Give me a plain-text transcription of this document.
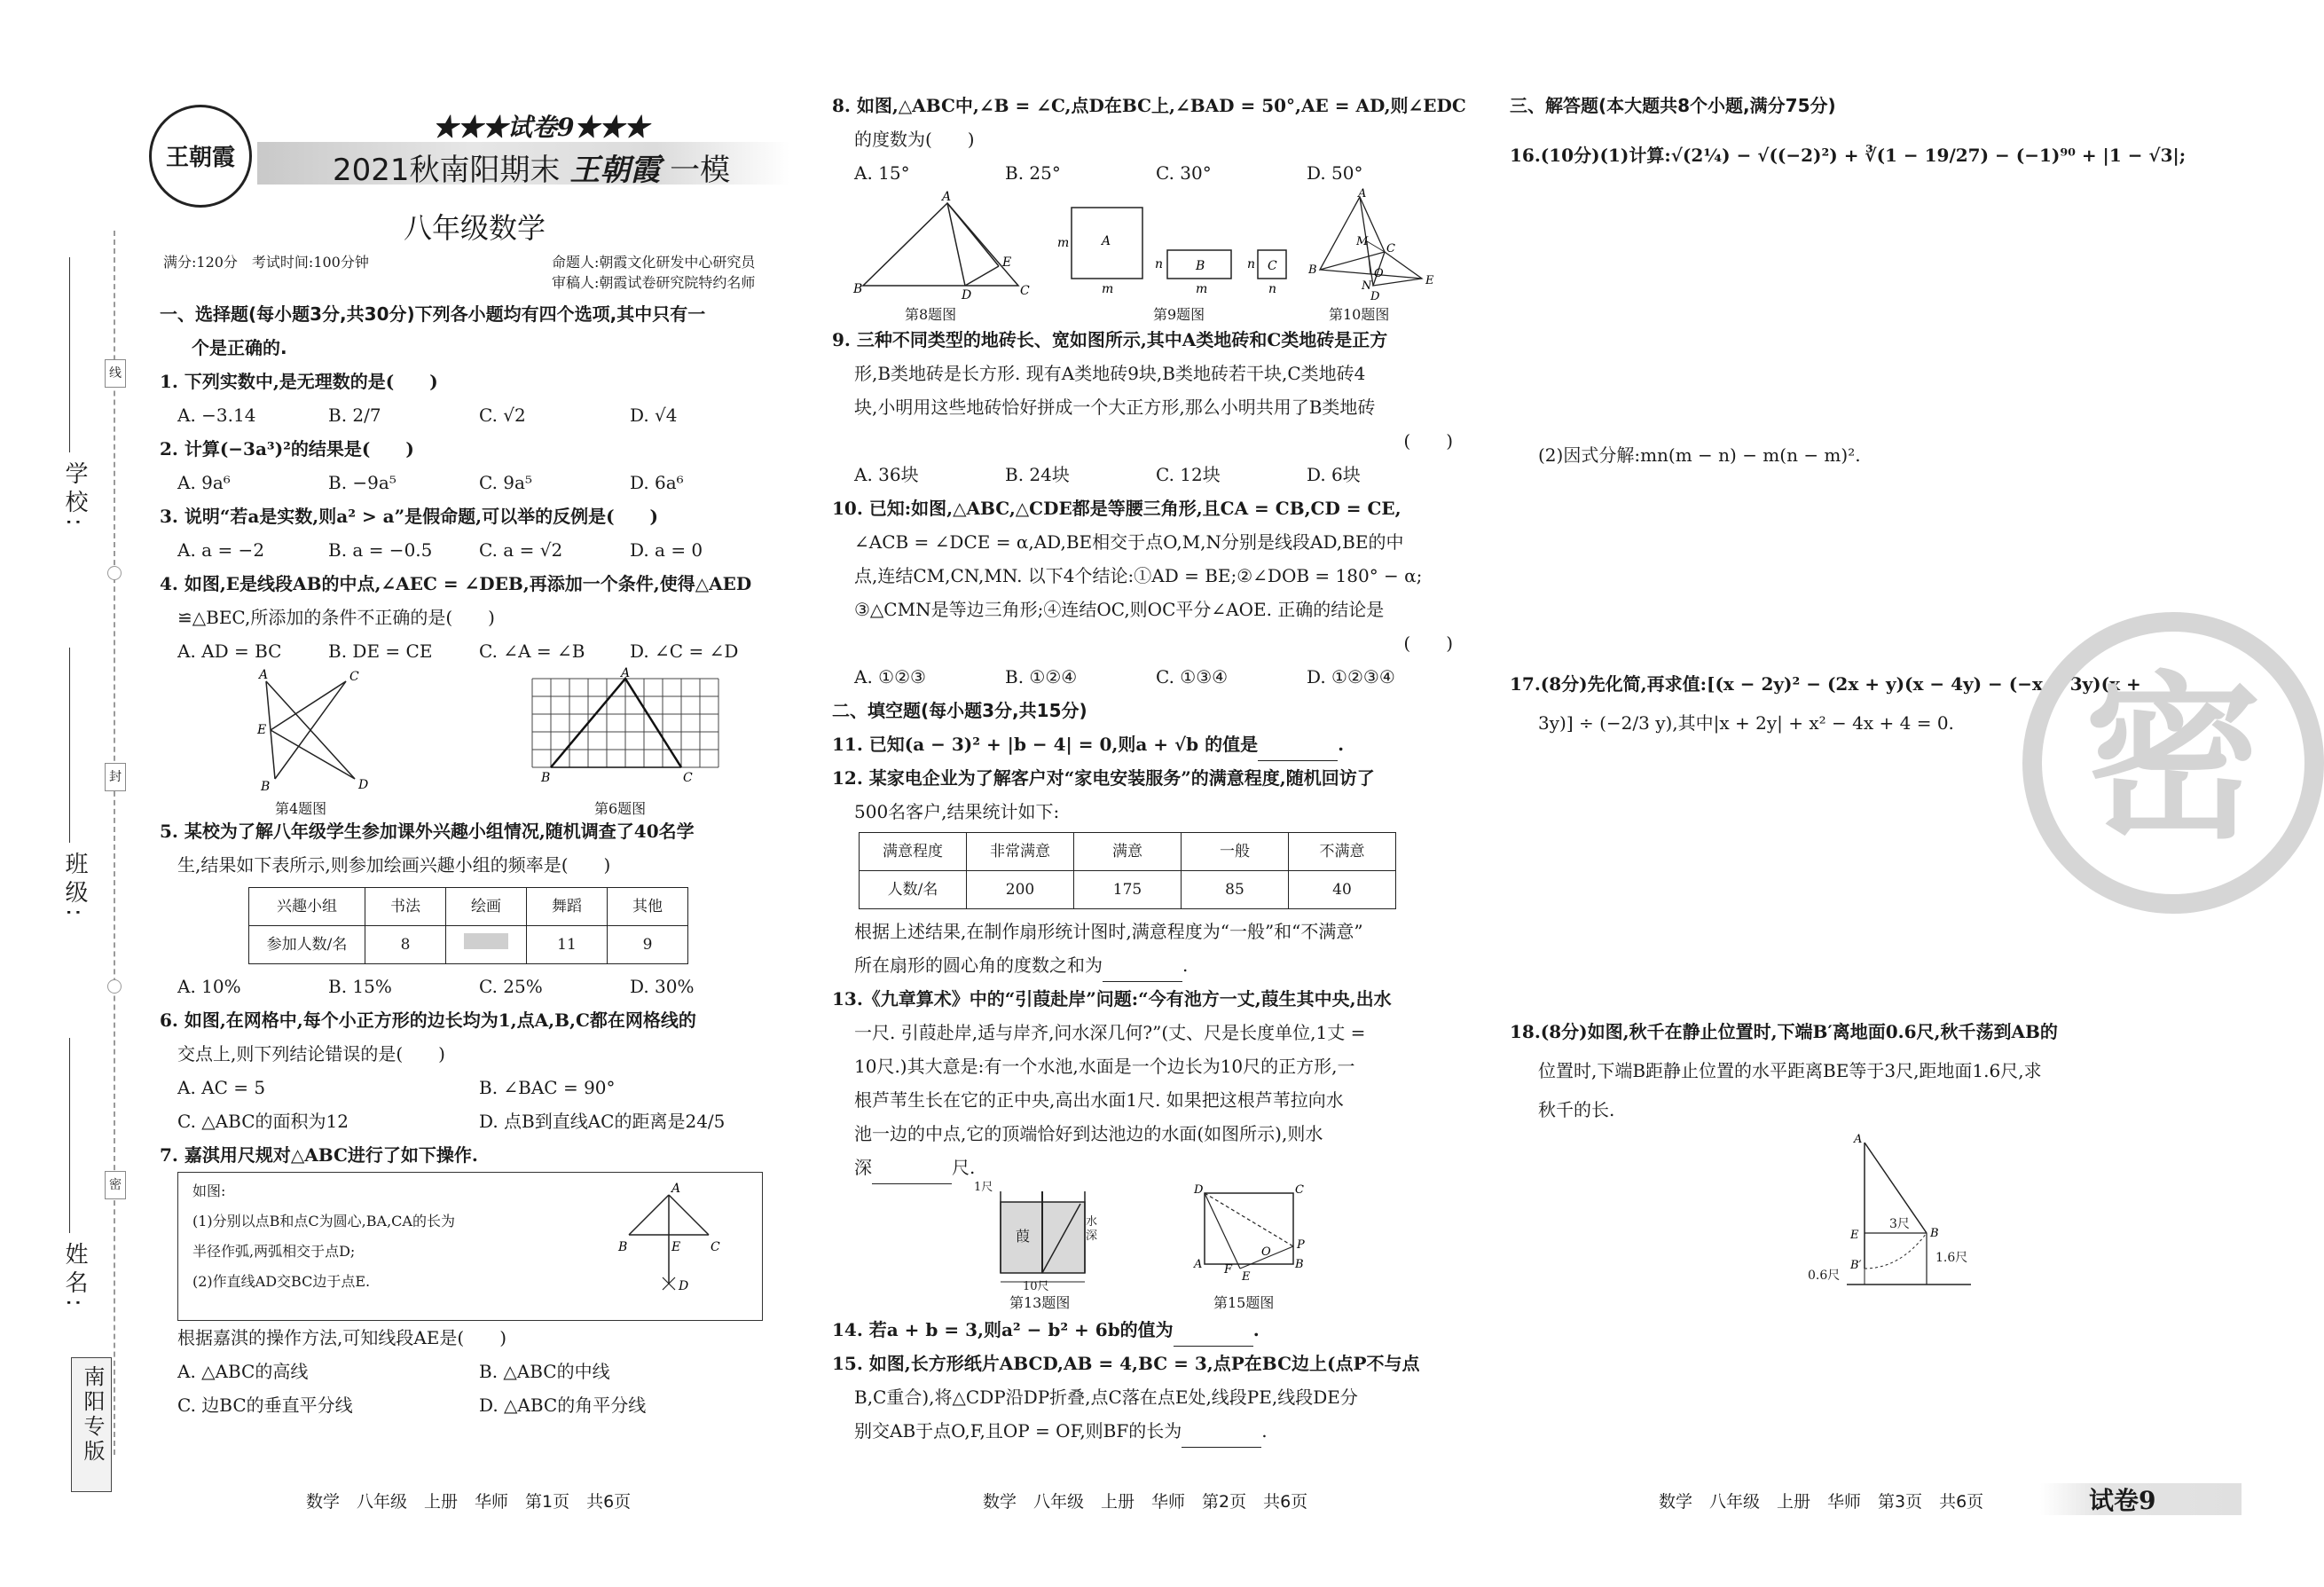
线
封
密
学校:
班级:
姓名:
南阳专版
王朝霞
★★★试卷9★★★
2021秋南阳期末 王朝霞 一模
八年级数学
满分:120分　考试时间:100分钟	命题人:朝霞文化研发中心研究员
审稿人:朝霞试卷研究院特约名师

一、选择题(每小题3分,共30分)下列各小题均有四个选项,其中只有一

个是正确的.

1. 下列实数中,是无理数的是(　　)

A. −3.14	B. 2/7	C. √2	D. √4

2. 计算(−3a³)²的结果是(　　)

A. 9a⁶	B. −9a⁵	C. 9a⁵	D. 6a⁶

3. 说明“若a是实数,则a² > a”是假命题,可以举的反例是(　　)

A. a = −2	B. a = −0.5	C. a = √2	D. a = 0

4. 如图,E是线段AB的中点,∠AEC = ∠DEB,再添加一个条件,使得△AED

≌△BEC,所添加的条件不正确的是(　　)

A. AD = BC	B. DE = CE	C. ∠A = ∠B	D. ∠C = ∠D
A	C
E
B	D
第4题图
A
B	C
第6题图

5. 某校为了解八年级学生参加课外兴趣小组情况,随机调查了40名学

生,结果如下表所示,则参加绘画兴趣小组的频率是(　　)

兴趣小组	书法	绘画	舞蹈	其他
参加人数/名	8		11	9
A. 10%	B. 15%	C. 25%	D. 30%

6. 如图,在网格中,每个小正方形的边长均为1,点A,B,C都在网格线的

交点上,则下列结论错误的是(　　)

A. AC = 5	B. ∠BAC = 90°
C. △ABC的面积为12	D. 点B到直线AC的距离是24/5

7. 嘉淇用尺规对△ABC进行了如下操作.

如图:

(1)分别以点B和点C为圆心,BA,CA的长为

半径作弧,两弧相交于点D;

(2)作直线AD交BC边于点E.

A
B	E C
D

根据嘉淇的操作方法,可知线段AE是(　　)

A. △ABC的高线	B. △ABC的中线
C. 边BC的垂直平分线	D. △ABC的角平分线

8. 如图,△ABC中,∠B = ∠C,点D在BC上,∠BAD = 50°,AE = AD,则∠EDC

的度数为(　　)

A. 15°	B. 25°	C. 30°	D. 50°
A
B	D
E
C
第8题图
A
m
m
B
n
m
C
n
n
第9题图
A
B
C
M
N
D
E
O
第10题图

9. 三种不同类型的地砖长、宽如图所示,其中A类地砖和C类地砖是正方

形,B类地砖是长方形. 现有A类地砖9块,B类地砖若干块,C类地砖4

块,小明用这些地砖恰好拼成一个大正方形,那么小明共用了B类地砖

(　　)

A. 36块	B. 24块	C. 12块	D. 6块

10. 已知:如图,△ABC,△CDE都是等腰三角形,且CA = CB,CD = CE,

∠ACB = ∠DCE = α,AD,BE相交于点O,M,N分别是线段AD,BE的中

点,连结CM,CN,MN. 以下4个结论:①AD = BE;②∠DOB = 180° − α;

③△CMN是等边三角形;④连结OC,则OC平分∠AOE. 正确的结论是

(　　)

A. ①②③	B. ①②④	C. ①③④	D. ①②③④

二、填空题(每小题3分,共15分)

11. 已知(a − 3)² + |b − 4| = 0,则a + √b 的值是	.

12. 某家电企业为了解客户对“家电安装服务”的满意程度,随机回访了

500名客户,结果统计如下:

满意程度	非常满意	满意	一般	不满意
人数/名	200	175	85	40

根据上述结果,在制作扇形统计图时,满意程度为“一般”和“不满意”

所在扇形的圆心角的度数之和为	.

13.《九章算术》中的“引葭赴岸”问题:“今有池方一丈,葭生其中央,出水

一尺. 引葭赴岸,适与岸齐,问水深几何?”(丈、尺是长度单位,1丈 =

10尺.)其大意是:有一个水池,水面是一个边长为10尺的正方形,一

根芦苇生长在它的正中央,高出水面1尺. 如果把这根芦苇拉向水

池一边的中点,它的顶端恰好到达池边的水面(如图所示),则水

深	尺.

1尺
葭
水深
10尺
第13题图
D	C
A	B
P
O
F
E
第15题图

14. 若a + b = 3,则a² − b² + 6b的值为	.

15. 如图,长方形纸片ABCD,AB = 4,BC = 3,点P在BC边上(点P不与点

B,C重合),将△CDP沿DP折叠,点C落在点E处,线段PE,线段DE分

别交AB于点O,F,且OP = OF,则BF的长为	.

三、解答题(本大题共8个小题,满分75分)

16.(10分)(1)计算:√(2¼) − √((−2)²) + ∛(1 − 19/27) − (−1)⁹⁰ + |1 − √3|;

(2)因式分解:mn(m − n) − m(n − m)².

17.(8分)先化简,再求值:[(x − 2y)² − (2x + y)(x − 4y) − (−x + 3y)(x +

3y)] ÷ (−2/3 y),其中|x + 2y| + x² − 4x + 4 = 0.

18.(8分)如图,秋千在静止位置时,下端B′离地面0.6尺,秋千荡到AB的

位置时,下端B距静止位置的水平距离BE等于3尺,距地面1.6尺,求

秋千的长.

A
E	B
B′
3尺
1.6尺
0.6尺
密
数学　八年级　上册　华师　第1页　共6页	数学　八年级　上册　华师　第2页　共6页	数学　八年级　上册　华师　第3页　共6页	试卷9
